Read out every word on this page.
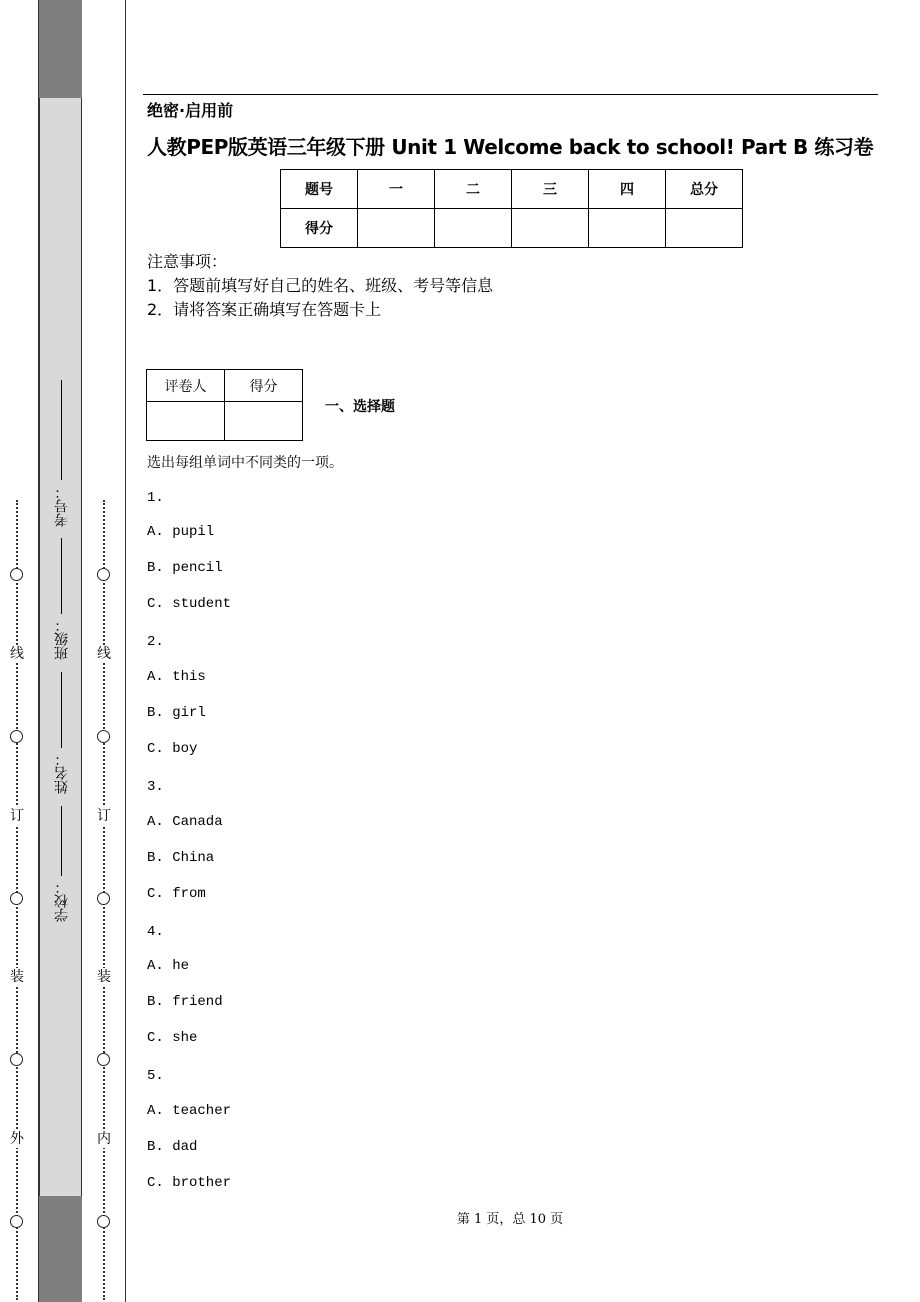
线
订
装
外
线
订
装
内
考号：
班级：
姓名：
学校：
绝密·启用前
人教PEP版英语三年级下册 Unit 1 Welcome back to school! Part B 练习卷
题号	一	二	三	四	总分
得分					
注意事项：
1．答题前填写好自己的姓名、班级、考号等信息
2．请将答案正确填写在答题卡上
评卷人	得分

一、选择题
选出每组单词中不同类的一项。
1.
A. pupil
B. pencil
C. student
2.
A. this
B. girl
C. boy
3.
A. Canada
B. China
C. from
4.
A. he
B. friend
C. she
5.
A. teacher
B. dad
C. brother
第 1 页，总 10 页
